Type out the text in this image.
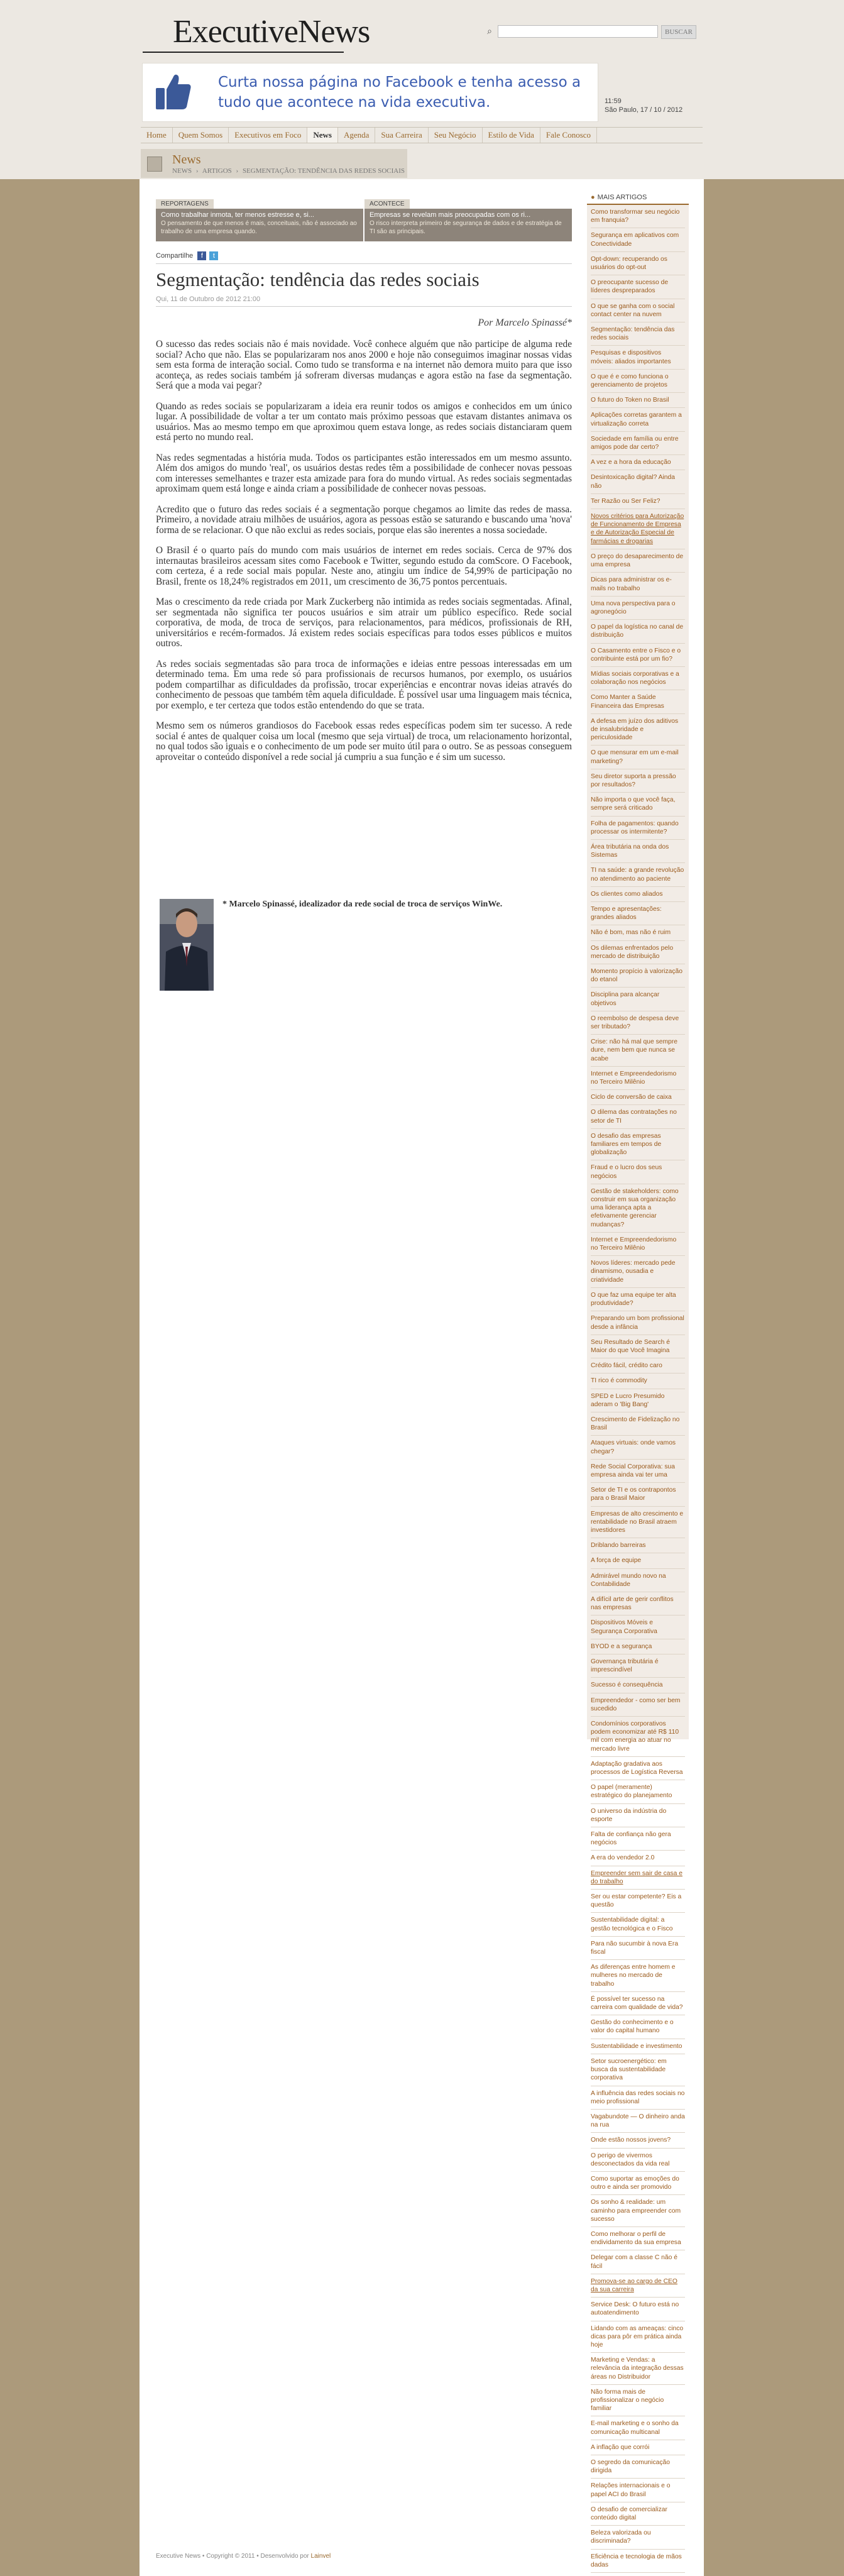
ExecutiveNews	⌕	BUSCAR
Curta nossa página no Facebook e tenha acesso a tudo que acontece na vida executiva.	11:59
São Paulo, 17 / 10 / 2012
Home	Quem Somos	Executivos em Foco	News	Agenda	Sua Carreira	Seu Negócio	Estilo de Vida	Fale Conosco
News
NEWS › ARTIGOS › SEGMENTAÇÃO: TENDÊNCIA DAS REDES SOCIAIS
REPORTAGENS
Como trabalhar inmota, ter menos estresse e, si...
O pensamento de que menos é mais, conceituais, não é associado ao trabalho de uma empresa quando.
ACONTECE
Empresas se revelam mais preocupadas com os ri...
O risco interpreta primeiro de segurança de dados e de estratégia de TI são as principais.
Compartilhe f t
Segmentação: tendência das redes sociais
Qui, 11 de Outubro de 2012 21:00
Por Marcelo Spinassé*

O sucesso das redes sociais não é mais novidade. Você conhece alguém que não participe de alguma rede social? Acho que não. Elas se popularizaram nos anos 2000 e hoje não conseguimos imaginar nossas vidas sem esta forma de interação social. Como tudo se transforma e na internet não demora muito para que isso aconteça, as redes sociais também já sofreram diversas mudanças e agora estão na fase da segmentação. Será que a moda vai pegar?

Quando as redes sociais se popularizaram a ideia era reunir todos os amigos e conhecidos em um único lugar. A possibilidade de voltar a ter um contato mais próximo pessoas que estavam distantes animava os usuários. Mas ao mesmo tempo em que aproximou quem estava longe, as redes sociais distanciaram quem está perto no mundo real.

Nas redes segmentadas a história muda. Todos os participantes estão interessados em um mesmo assunto. Além dos amigos do mundo 'real', os usuários destas redes têm a possibilidade de conhecer novas pessoas com interesses semelhantes e trazer esta amizade para fora do mundo virtual. As redes sociais segmentadas aproximam quem está longe e ainda criam a possibilidade de conhecer novas pessoas.

Acredito que o futuro das redes sociais é a segmentação porque chegamos ao limite das redes de massa. Primeiro, a novidade atraiu milhões de usuários, agora as pessoas estão se saturando e buscando uma 'nova' forma de se relacionar. O que não exclui as redes sociais, porque elas são inerentes a nossa sociedade.

O Brasil é o quarto país do mundo com mais usuários de internet em redes sociais. Cerca de 97% dos internautas brasileiros acessam sites como Facebook e Twitter, segundo estudo da comScore. O Facebook, com certeza, é a rede social mais popular. Neste ano, atingiu um índice de 54,99% de participação no Brasil, frente os 18,24% registrados em 2011, um crescimento de 36,75 pontos percentuais.

Mas o crescimento da rede criada por Mark Zuckerberg não intimida as redes sociais segmentadas. Afinal, ser segmentada não significa ter poucos usuários e sim atrair um público específico. Rede social corporativa, de moda, de troca de serviços, para relacionamentos, para médicos, profissionais de RH, universitários e recém-formados. Já existem redes sociais específicas para todos esses públicos e muitos outros.

As redes sociais segmentadas são para troca de informações e ideias entre pessoas interessadas em um determinado tema. Em uma rede só para profissionais de recursos humanos, por exemplo, os usuários podem compartilhar as dificuldades da profissão, trocar experiências e encontrar novas ideias através do conhecimento de pessoas que também têm aquela dificuldade. É possível usar uma linguagem mais técnica, por exemplo, e ter certeza que todos estão entendendo do que se trata.

Mesmo sem os números grandiosos do Facebook essas redes específicas podem sim ter sucesso. A rede social é antes de qualquer coisa um local (mesmo que seja virtual) de troca, um relacionamento horizontal, no qual todos são iguais e o conhecimento de um pode ser muito útil para o outro. Se as pessoas conseguem aproveitar o conteúdo disponível a rede social já cumpriu a sua função e é sim um sucesso.

* Marcelo Spinassé, idealizador da rede social de troca de serviços WinWe.
● MAIS ARTIGOS
Como transformar seu negócio em franquia?
Segurança em aplicativos com Conectividade
Opt-down: recuperando os usuários do opt-out
O preocupante sucesso de líderes despreparados
O que se ganha com o social contact center na nuvem
Segmentação: tendência das redes sociais
Pesquisas e dispositivos móveis: aliados importantes
O que é e como funciona o gerenciamento de projetos
O futuro do Token no Brasil
Aplicações corretas garantem a virtualização correta
Sociedade em família ou entre amigos pode dar certo?
A vez e a hora da educação
Desintoxicação digital? Ainda não
Ter Razão ou Ser Feliz?
Novos critérios para Autorização de Funcionamento de Empresa e de Autorização Especial de farmácias e drogarias
O preço do desaparecimento de uma empresa
Dicas para administrar os e-mails no trabalho
Uma nova perspectiva para o agronegócio
O papel da logística no canal de distribuição
O Casamento entre o Fisco e o contribuinte está por um fio?
Mídias sociais corporativas e a colaboração nos negócios
Como Manter a Saúde Financeira das Empresas
A defesa em juízo dos aditivos de insalubridade e periculosidade
O que mensurar em um e-mail marketing?
Seu diretor suporta a pressão por resultados?
Não importa o que você faça, sempre será criticado
Folha de pagamentos: quando processar os intermitente?
Área tributária na onda dos Sistemas
TI na saúde: a grande revolução no atendimento ao paciente
Os clientes como aliados
Tempo e apresentações: grandes aliados
Não é bom, mas não é ruim
Os dilemas enfrentados pelo mercado de distribuição
Momento propício à valorização do etanol
Disciplina para alcançar objetivos
O reembolso de despesa deve ser tributado?
Crise: não há mal que sempre dure, nem bem que nunca se acabe
Internet e Empreendedorismo no Terceiro Milênio
Ciclo de conversão de caixa
O dilema das contratações no setor de TI
O desafio das empresas familiares em tempos de globalização
Fraud e o lucro dos seus negócios
Gestão de stakeholders: como construir em sua organização uma liderança apta a efetivamente gerenciar mudanças?
Internet e Empreendedorismo no Terceiro Milênio
Novos líderes: mercado pede dinamismo, ousadia e criatividade
O que faz uma equipe ter alta produtividade?
Preparando um bom profissional desde a infância
Seu Resultado de Search é Maior do que Você Imagina
Crédito fácil, crédito caro
TI rico é commodity
SPED e Lucro Presumido aderam o 'Big Bang'
Crescimento de Fidelização no Brasil
Ataques virtuais: onde vamos chegar?
Rede Social Corporativa: sua empresa ainda vai ter uma
Setor de TI e os contrapontos para o Brasil Maior
Empresas de alto crescimento e rentabilidade no Brasil atraem investidores
Driblando barreiras
A força de equipe
Admirável mundo novo na Contabilidade
A difícil arte de gerir conflitos nas empresas
Dispositivos Móveis e Segurança Corporativa
BYOD e a segurança
Governança tributária é imprescindível
Sucesso é consequência
Empreendedor - como ser bem sucedido
Condomínios corporativos podem economizar até R$ 110 mil com energia ao atuar no mercado livre
Adaptação gradativa aos processos de Logística Reversa
O papel (meramente) estratégico do planejamento
O universo da indústria do esporte
Falta de confiança não gera negócios
A era do vendedor 2.0
Empreender sem sair de casa e do trabalho
Ser ou estar competente? Eis a questão
Sustentabilidade digital: a gestão tecnológica e o Fisco
Para não sucumbir à nova Era fiscal
As diferenças entre homem e mulheres no mercado de trabalho
É possível ter sucesso na carreira com qualidade de vida?
Gestão do conhecimento e o valor do capital humano
Sustentabilidade e investimento
Setor sucroenergético: em busca da sustentabilidade corporativa
A influência das redes sociais no meio profissional
Vagabundote — O dinheiro anda na rua
Onde estão nossos jovens?
O perigo de vivermos desconectados da vida real
Como suportar as emoções do outro e ainda ser promovido
Os sonho & realidade: um caminho para empreender com sucesso
Como melhorar o perfil de endividamento da sua empresa
Delegar com a classe C não é fácil
Promova-se ao cargo de CEO da sua carreira
Service Desk: O futuro está no autoatendimento
Lidando com as ameaças: cinco dicas para pôr em prática ainda hoje
Marketing e Vendas: a relevância da integração dessas áreas no Distribuidor
Não forma mais de profissionalizar o negócio familiar
E-mail marketing e o sonho da comunicação multicanal
A inflação que corrói
O segredo da comunicação dirigida
Relações internacionais e o papel ACI do Brasil
O desafio de comercializar conteúdo digital
Beleza valorizada ou discriminada?
Eficiência e tecnologia de mãos dadas
Executive News • Copyright © 2011 • Desenvolvido por Lainvel
